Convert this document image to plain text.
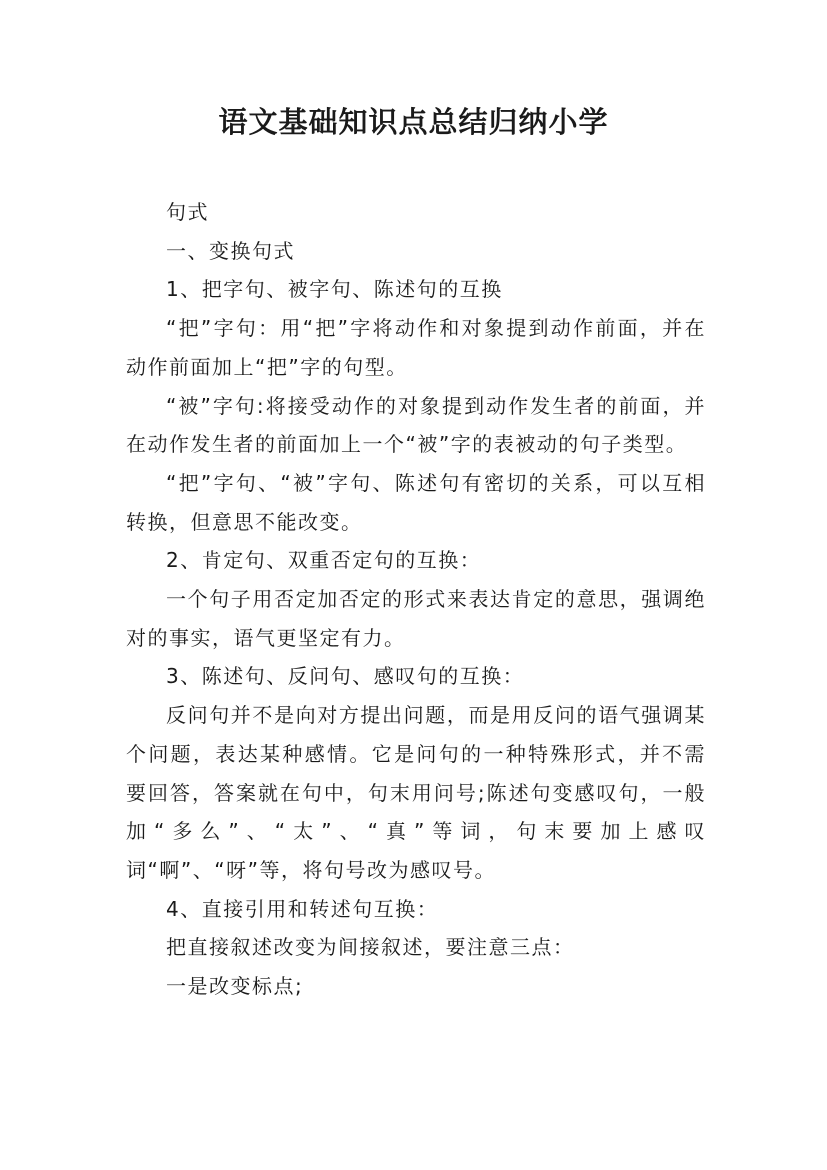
语文基础知识点总结归纳小学

句式

一、变换句式

1、把字句、被字句、陈述句的互换

“把”字句：用“把”字将动作和对象提到动作前面，并在动作前面加上“把”字的句型。

“被”字句:将接受动作的对象提到动作发生者的前面，并在动作发生者的前面加上一个“被”字的表被动的句子类型。

“把”字句、“被”字句、陈述句有密切的关系，可以互相转换，但意思不能改变。

2、肯定句、双重否定句的互换：

一个句子用否定加否定的形式来表达肯定的意思，强调绝对的事实，语气更坚定有力。

3、陈述句、反问句、感叹句的互换：

反问句并不是向对方提出问题，而是用反问的语气强调某个问题，表达某种感情。它是问句的一种特殊形式，并不需要回答，答案就在句中，句末用问号;陈述句变感叹句，一般加“多么”、“太”、“真”等词，句末要加上感叹词“啊”、“呀”等，将句号改为感叹号。

4、直接引用和转述句互换：

把直接叙述改变为间接叙述，要注意三点：

一是改变标点;
